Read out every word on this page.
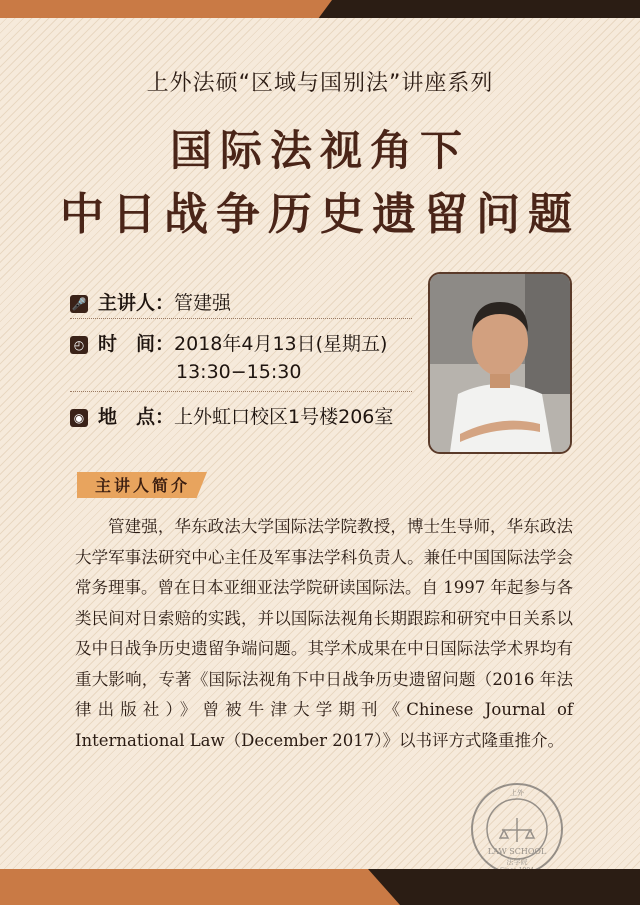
上外法硕“区域与国别法”讲座系列
国际法视角下
中日战争历史遗留问题
🎤 主讲人：管建强
◴ 时　间：2018年4月13日(星期五)
13:30−15:30
◉ 地　点：上外虹口校区1号楼206室
主讲人简介
管建强，华东政法大学国际法学院教授，博士生导师，华东政法大学军事法研究中心主任及军事法学科负责人。兼任中国国际法学会常务理事。曾在日本亚细亚法学院研读国际法。自 1997 年起参与各类民间对日索赔的实践，并以国际法视角长期跟踪和研究中日关系以及中日战争历史遗留争端问题。其学术成果在中日国际法学术界均有重大影响，专著《国际法视角下中日战争历史遗留问题（2016 年法律出版社）》曾被牛津大学期刊《Chinese Journal of International Law（December 2017）》以书评方式隆重推介。
上外
LAW SCHOOL
法学院
